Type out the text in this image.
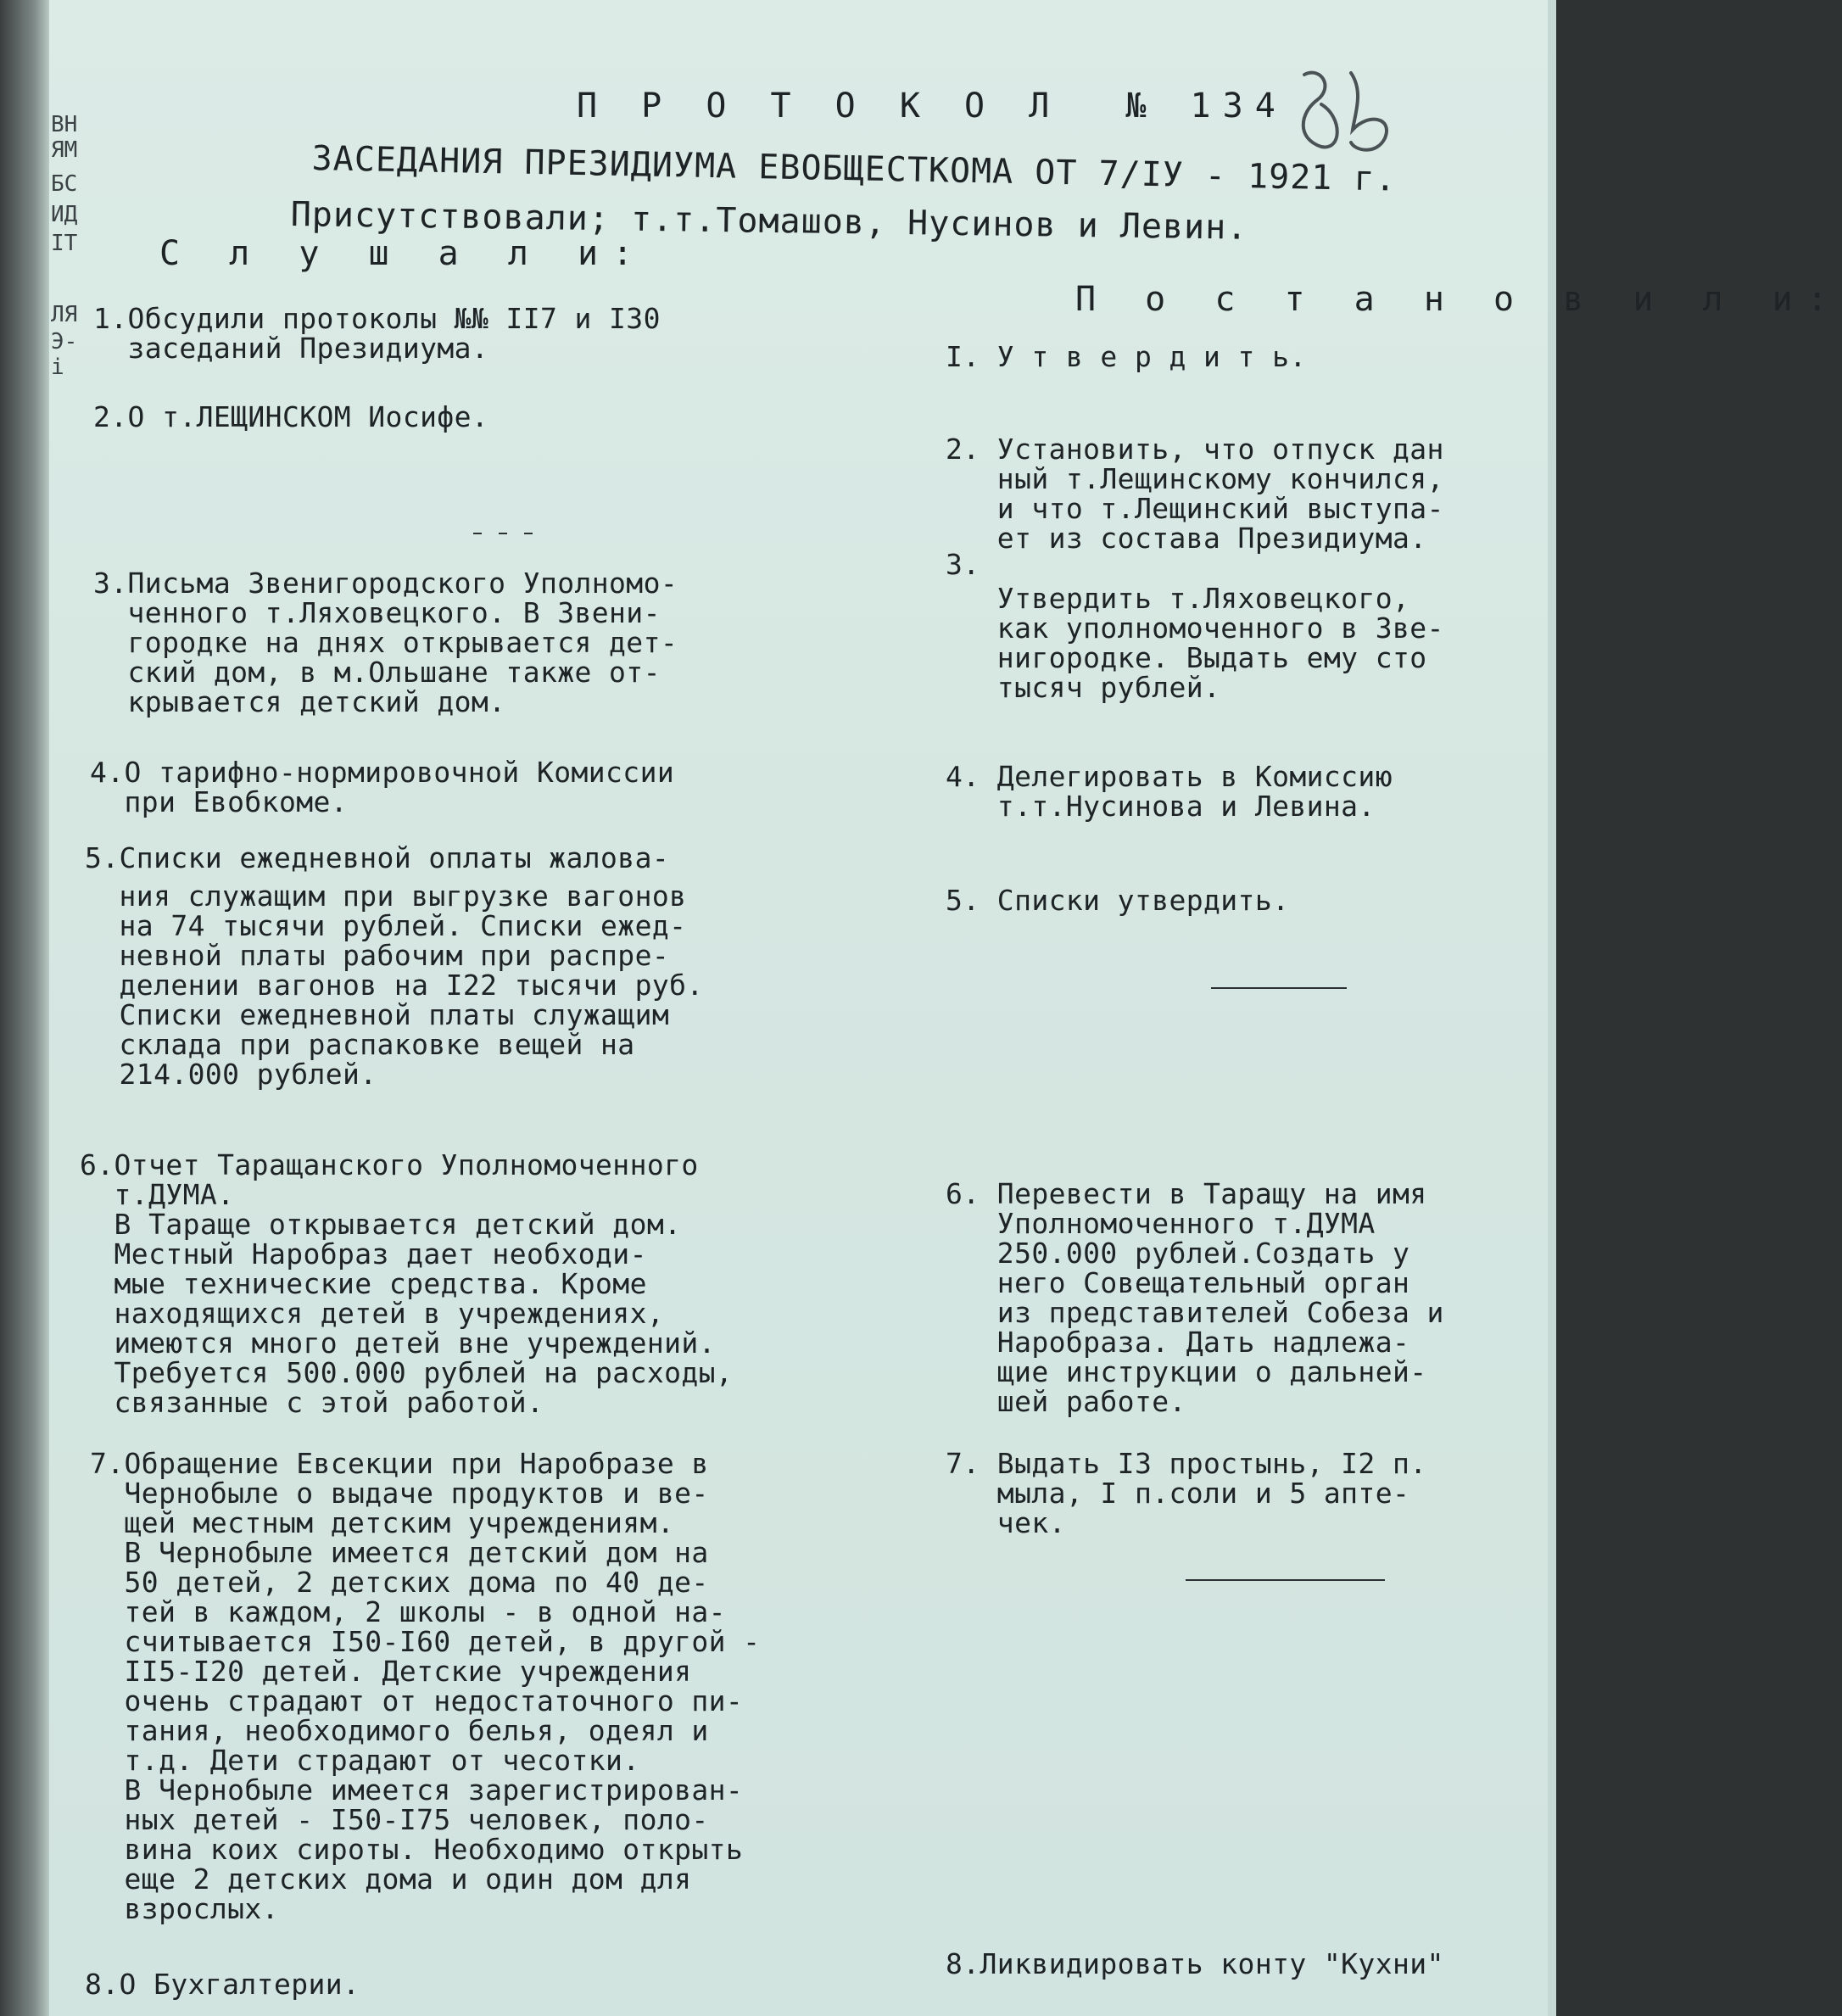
П Р О Т О К О Л  № 134
ЗАСЕДАНИЯ ПРЕЗИДИУМА ЕВОБЩЕСТКОМА ОТ 7/IУ - 1921 г.
Присутствовали; т.т.Томашов, Нусинов и Левин.
ВН
ЯМ
БС
ИД
ІТ
ЛЯ
Э-
і
С л у ш а л и:
П о с т а н о в и л и:
1.Обсудили протоколы №№ II7 и I30
заседаний Президиума.	I. У т в е р д и т ь.
2.О т.ЛЕЩИНСКОМ Иосифе.
2. Установить, что отпуск дан
ный т.Лещинскому кончился,
и что т.Лещинский выступа-
ет из состава Президиума.
3.Письма Звенигородского Уполномо-
ченного т.Ляховецкого. В Звени-
городке на днях открывается дет-
ский дом, в м.Ольшане также от-
крывается детский дом.
3.
Утвердить т.Ляховецкого,
как уполномоченного в Зве-
нигородке. Выдать ему сто
тысяч рублей.
4.О тарифно-нормировочной Комиссии
при Евобкоме.
4. Делегировать в Комиссию
т.т.Нусинова и Левина.
5.Списки ежедневной оплаты жалова-
ния служащим при выгрузке вагонов
на 74 тысячи рублей. Списки ежед-
невной платы рабочим при распре-
делении вагонов на I22 тысячи руб.
Списки ежедневной платы служащим
склада при распаковке вещей на
214.000 рублей.
5. Списки утвердить.
6.Отчет Таращанского Уполномоченного
т.ДУМА.
В Тараще открывается детский дом.
Местный Наробраз дает необходи-
мые технические средства. Кроме
находящихся детей в учреждениях,
имеются много детей вне учреждений.
Требуется 500.000 рублей на расходы,
связанные с этой работой.
6. Перевести в Таращу на имя
Уполномоченного т.ДУМА
250.000 рублей.Создать у
него Совещательный орган
из представителей Собеза и
Наробраза. Дать надлежа-
щие инструкции о дальней-
шей работе.
7.Обращение Евсекции при Наробразе в
Чернобыле о выдаче продуктов и ве-
щей местным детским учреждениям.
В Чернобыле имеется детский дом на
50 детей, 2 детских дома по 40 де-
тей в каждом, 2 школы - в одной на-
считывается I50-I60 детей, в другой -
II5-I20 детей. Детские учреждения
очень страдают от недостаточного пи-
тания, необходимого белья, одеял и
т.д. Дети страдают от чесотки.
В Чернобыле имеется зарегистрирован-
ных детей - I50-I75 человек, поло-
вина коих сироты. Необходимо открыть
еще 2 детских дома и один дом для
взрослых.
7. Выдать I3 простынь, I2 п.
мыла, I п.соли и 5 апте-
чек.
8.О Бухгалтерии.
8.Ликвидировать конту "Кухни"
